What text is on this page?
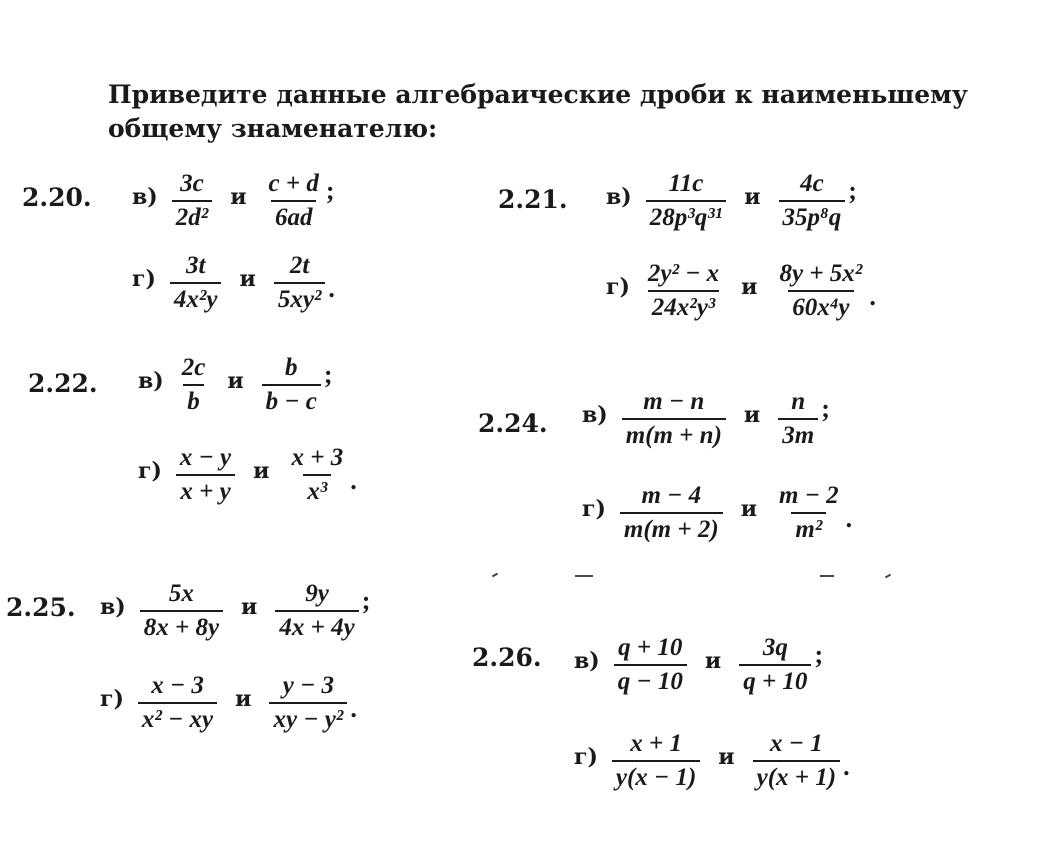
Приведите данные алгебраические дроби к наименьшему
общему знаменателю:
2.20. $в) \frac{3c}{\text{2d²}}$ и $\frac{c + d}{6ad}$ ;
$г) \frac{3t}{\text{4x²y}}$ и $\frac{2t}{\text{5xy²}}$ .
2.21. $в) \frac{11c}{\text{28p³q³¹}}$ и $\frac{4c}{\text{35p⁸q}}$ ;
$г) \frac{\text{2y² − x}}{\text{24x²y³}}$ и $\frac{\text{8y + 5x²}}{\text{60x⁴y}}$ .
2.22. $в) \frac{2c}{b}$ и $\frac{b}{b - c}$ ;
$г) \frac{x - y}{x + y}$ и $\frac{x + 3}{\text{x³}}$ .
2.24. $в) \frac{m - n}{m(m + n)}$ и $\frac{n}{3m}$ ;
$г) \frac{m - 4}{m(m + 2)}$ и $\frac{m - 2}{\text{m²}}$ .
2.25. $в) \frac{5x}{8x + 8y}$ и $\frac{9y}{4x + 4y}$ ;
$г) \frac{x - 3}{\text{x² − xy}}$ и $\frac{y - 3}{\text{xy − y²}}$ .
2.26. $в) \frac{q + 10}{q - 10}$ и $\frac{3q}{q + 10}$ ;
$г) \frac{x + 1}{y(x - 1)}$ и $\frac{x - 1}{y(x + 1)}$ .
